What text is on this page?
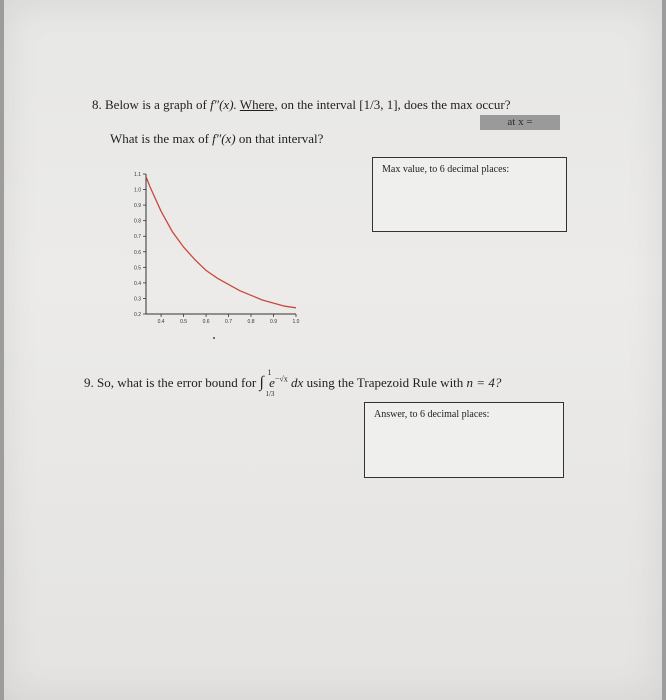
8. Below is a graph of f″(x). Where, on the interval [1/3, 1], does the max occur?
at x =
What is the max of f″(x) on that interval?
Max value, to 6 decimal places:
0.2
0.3
0.4
0.5
0.6
0.7
0.8
0.9
1.0
1.1
0.4	0.5	0.6	0.7	0.8	0.9	1.0
9. So, what is the error bound for ∫
1
1/3
$e^{-√x}$ dx using the Trapezoid Rule with n = 4?
Answer, to 6 decimal places:
